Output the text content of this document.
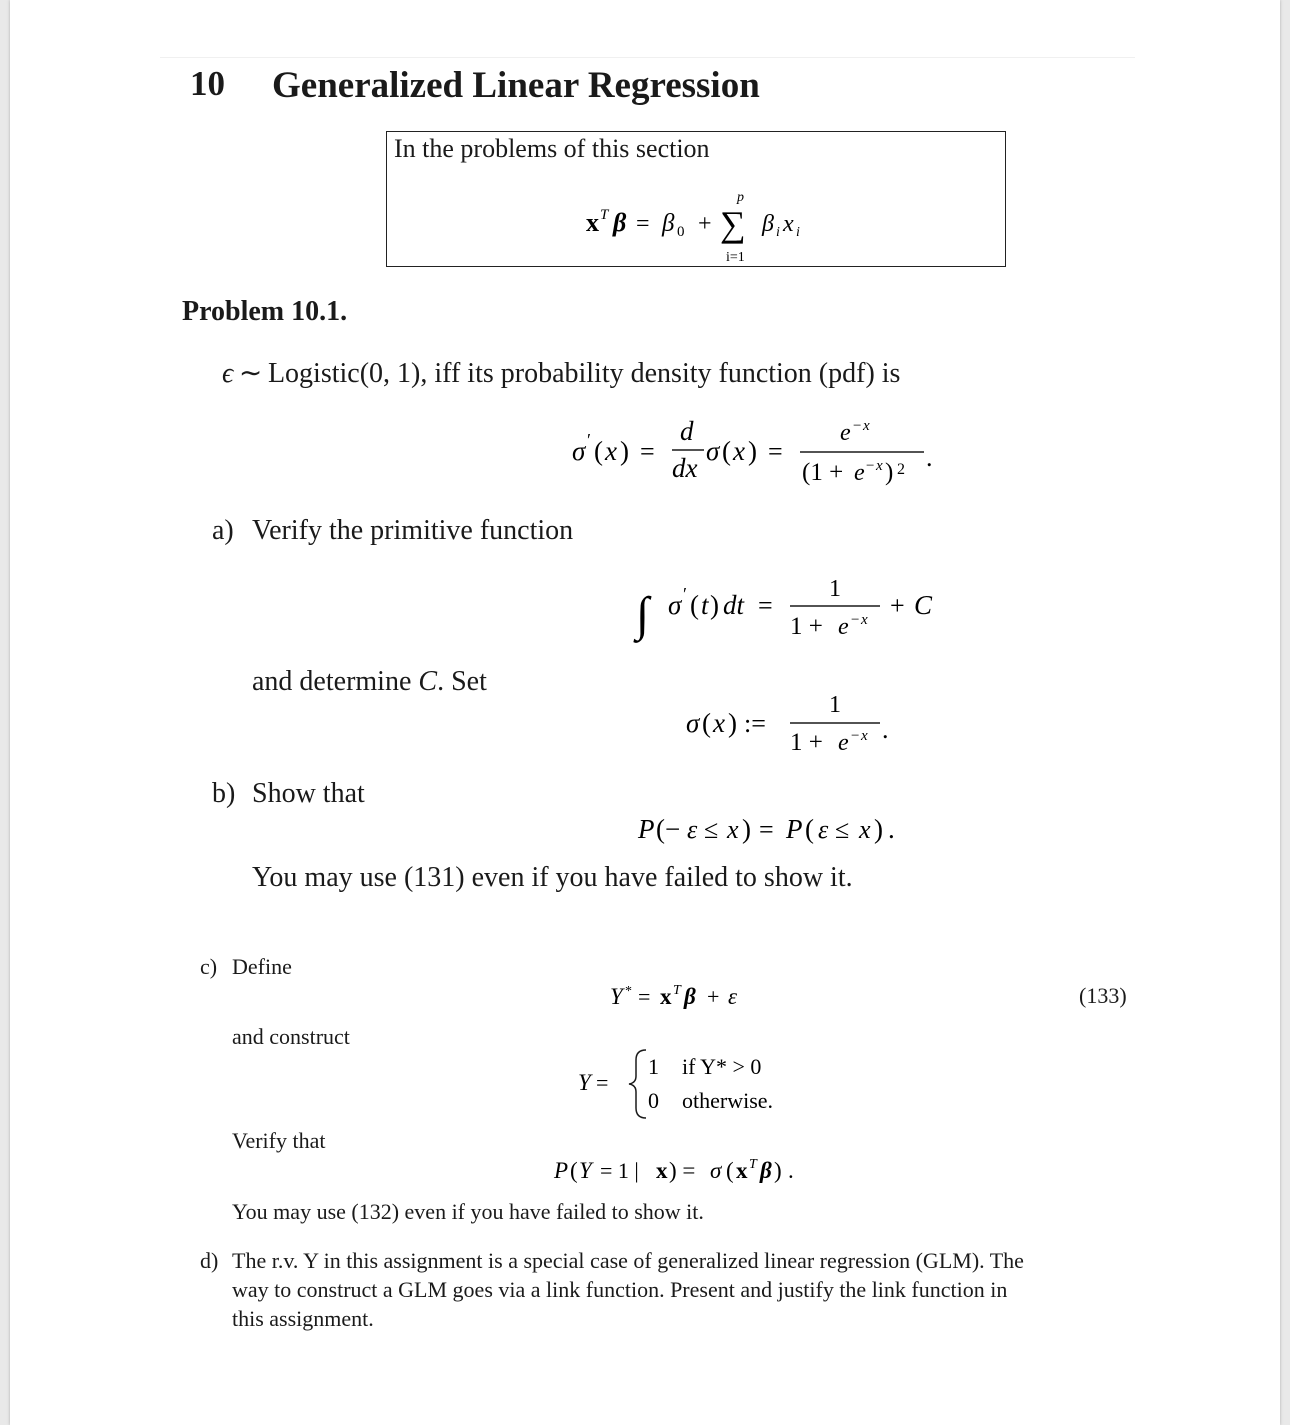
10 Generalized Linear Regression
In the problems of this section
x T β = β 0 + ∑
p
i=1
β i x i
Problem 10.1.
ϵ ∼ Logistic(0, 1), iff its probability density function (pdf) is
σ ′ ( x ) =
d
dx
σ ( x ) =
e − x
(1 + e − x ) 2 .
a) Verify the primitive function
∫ σ ′ ( t ) dt =
1
1 + e − x + C
and determine C. Set
σ ( x ) :=
1
1 + e − x .
b) Show that
P (− ε ≤ x ) = P ( ε ≤ x ) .
You may use (131) even if you have failed to show it.
c) Define
Y * = x T β + ε	(133)
and construct
Y =
1 if Y* > 0
0 otherwise.
Verify that
P ( Y = 1 | x ) = σ ( x T β ) .
You may use (132) even if you have failed to show it.
d) The r.v. Y in this assignment is a special case of generalized linear regression (GLM). The
way to construct a GLM goes via a link function. Present and justify the link function in
this assignment.
